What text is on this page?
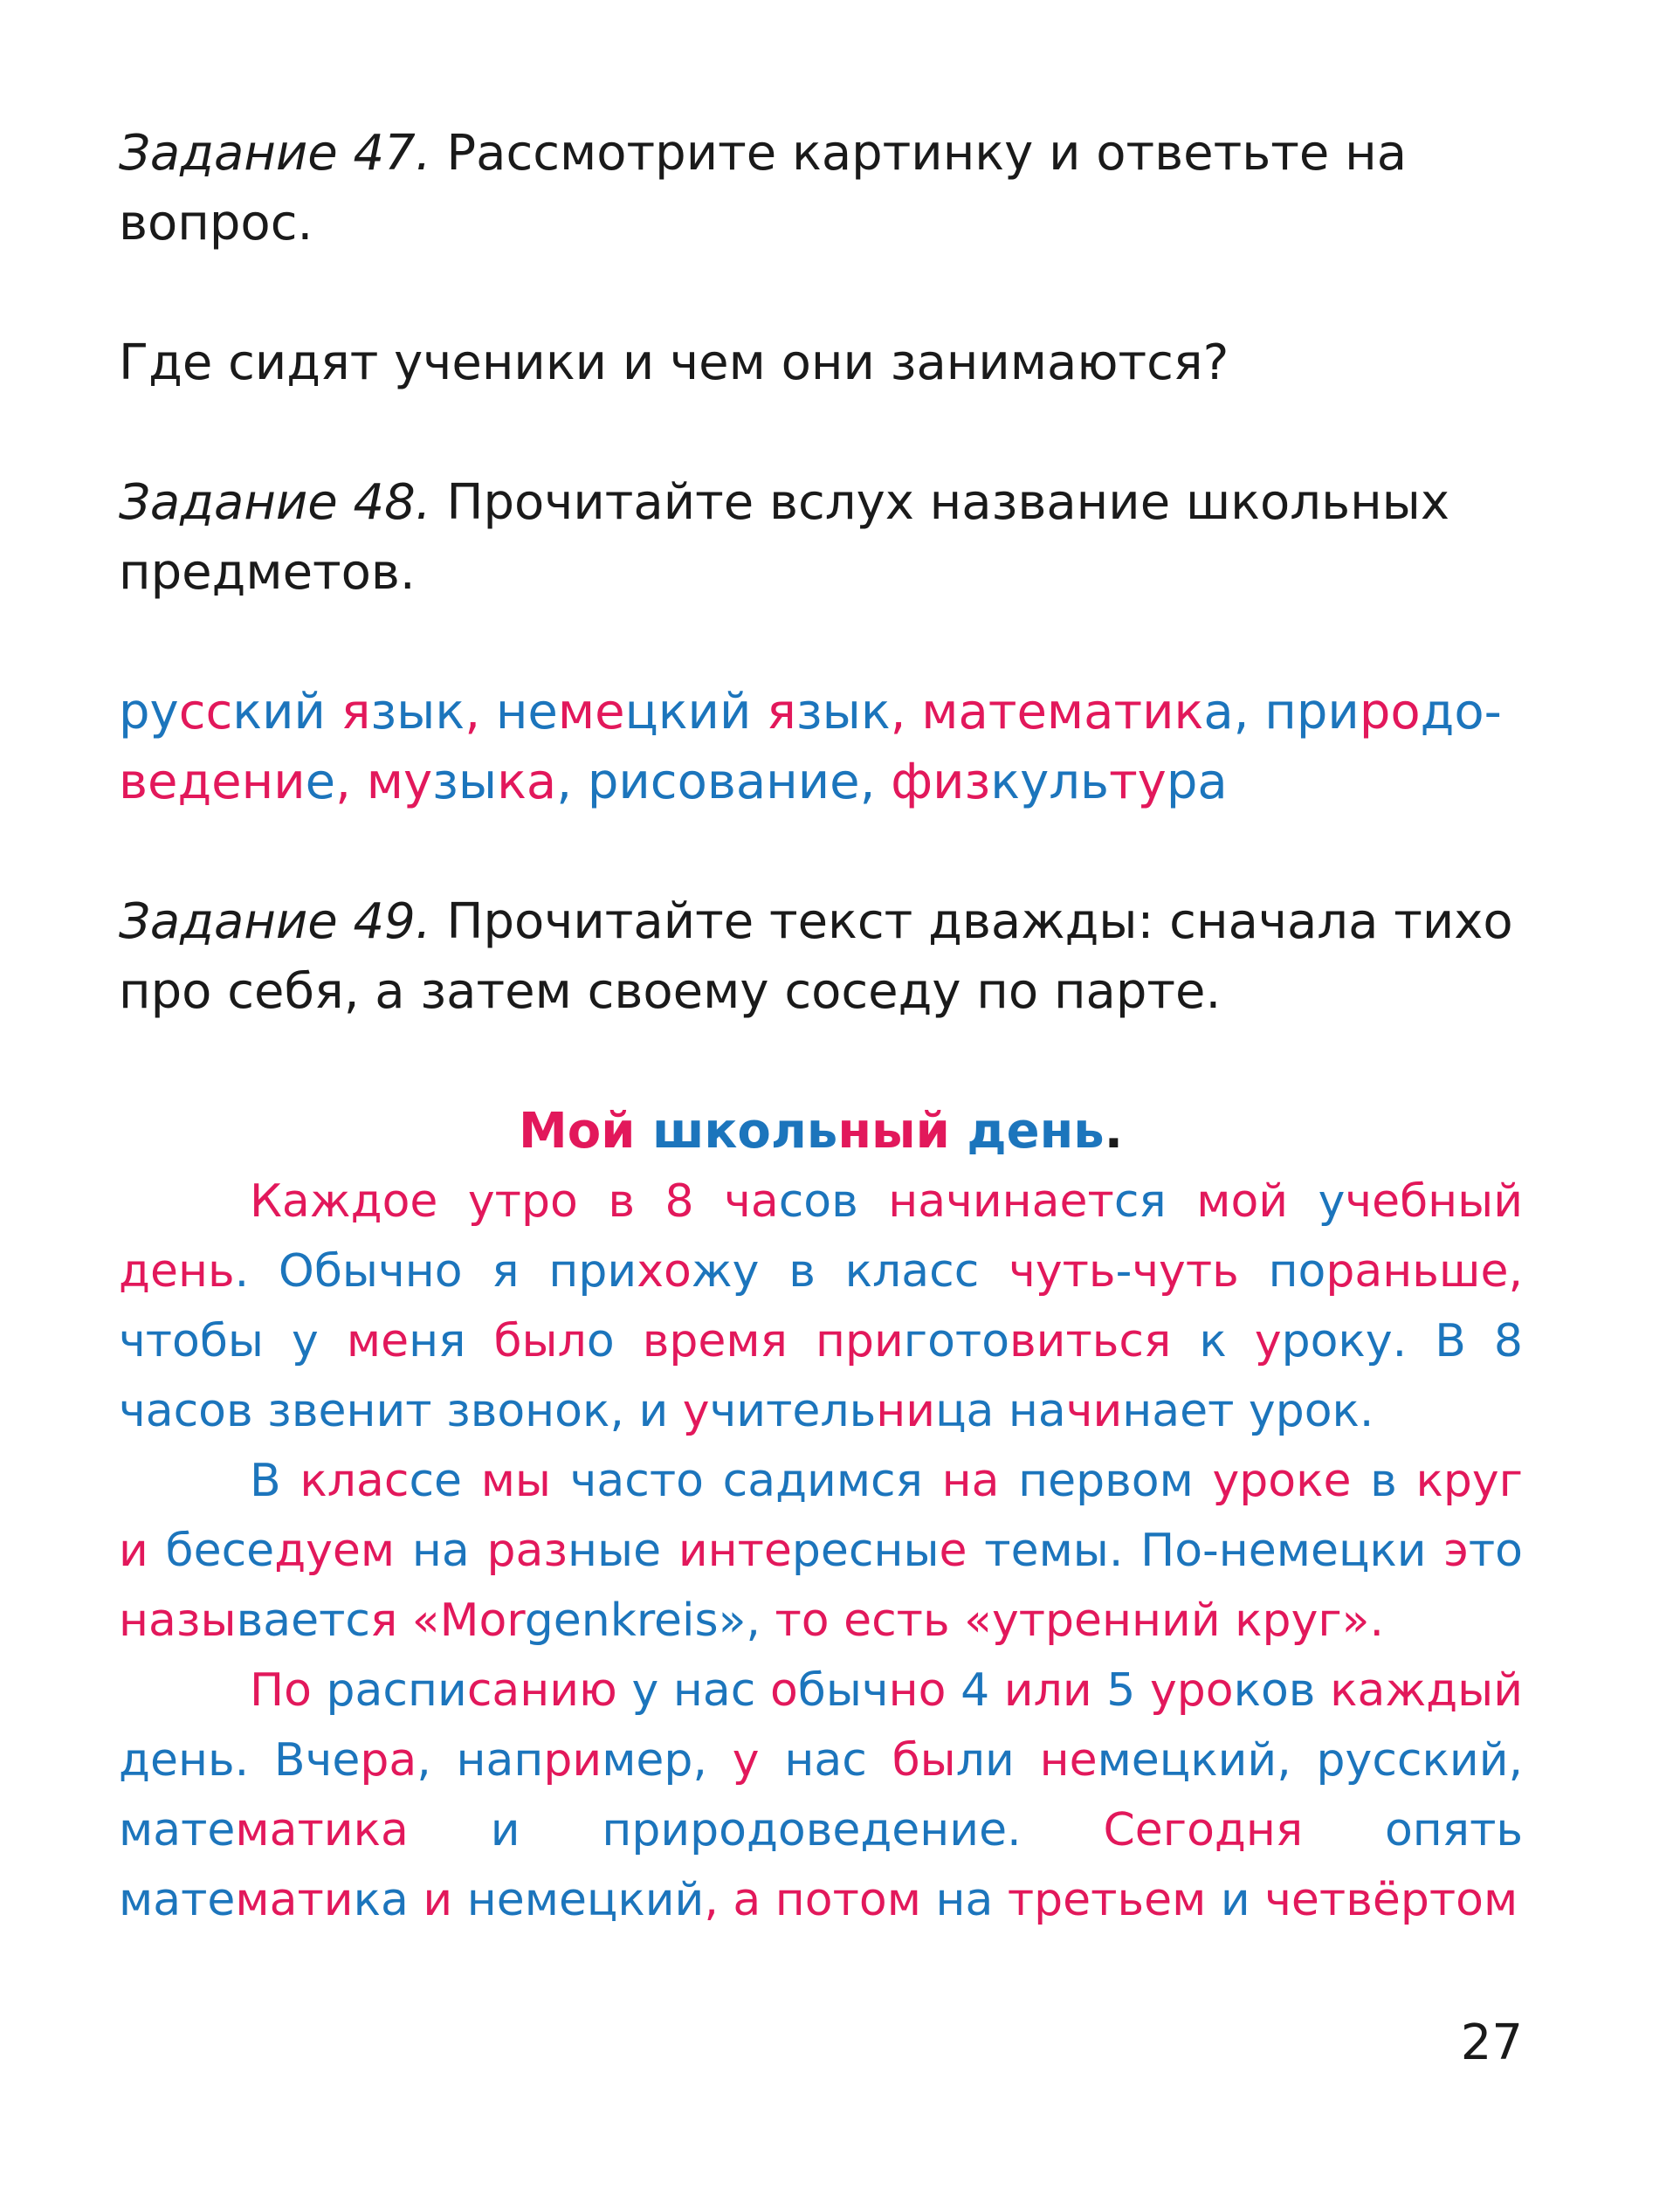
Задание 47. Рассмотрите картинку и ответьте на вопрос.

Где сидят ученики и чем они занимаются?

Задание 48. Прочитайте вслух название школьных предметов.

русский язык, немецкий язык, математика, природо- ведение, музыка, рисование, физкультура

Задание 49. Прочитайте текст дважды: сначала тихо про себя, а затем своему соседу по парте.

Мой школьный день.

Каждое утро в 8 часов начинается мой учебный день. Обычно я прихожу в класс чуть-чуть пораньше, чтобы у меня было время приготовиться к уроку. В 8 часов звенит звонок, и учительница начинает урок.

В классе мы часто садимся на первом уроке в круг и беседуем на разные интересные темы. По-немецки это называется «Morgenkreis», то есть «утренний круг».

По расписанию у нас обычно 4 или 5 уроков каждый день. Вчера, например, у нас были немецкий, русский, математика и природоведение. Сегодня опять математика и немецкий, а потом на третьем и четвёртом

27
